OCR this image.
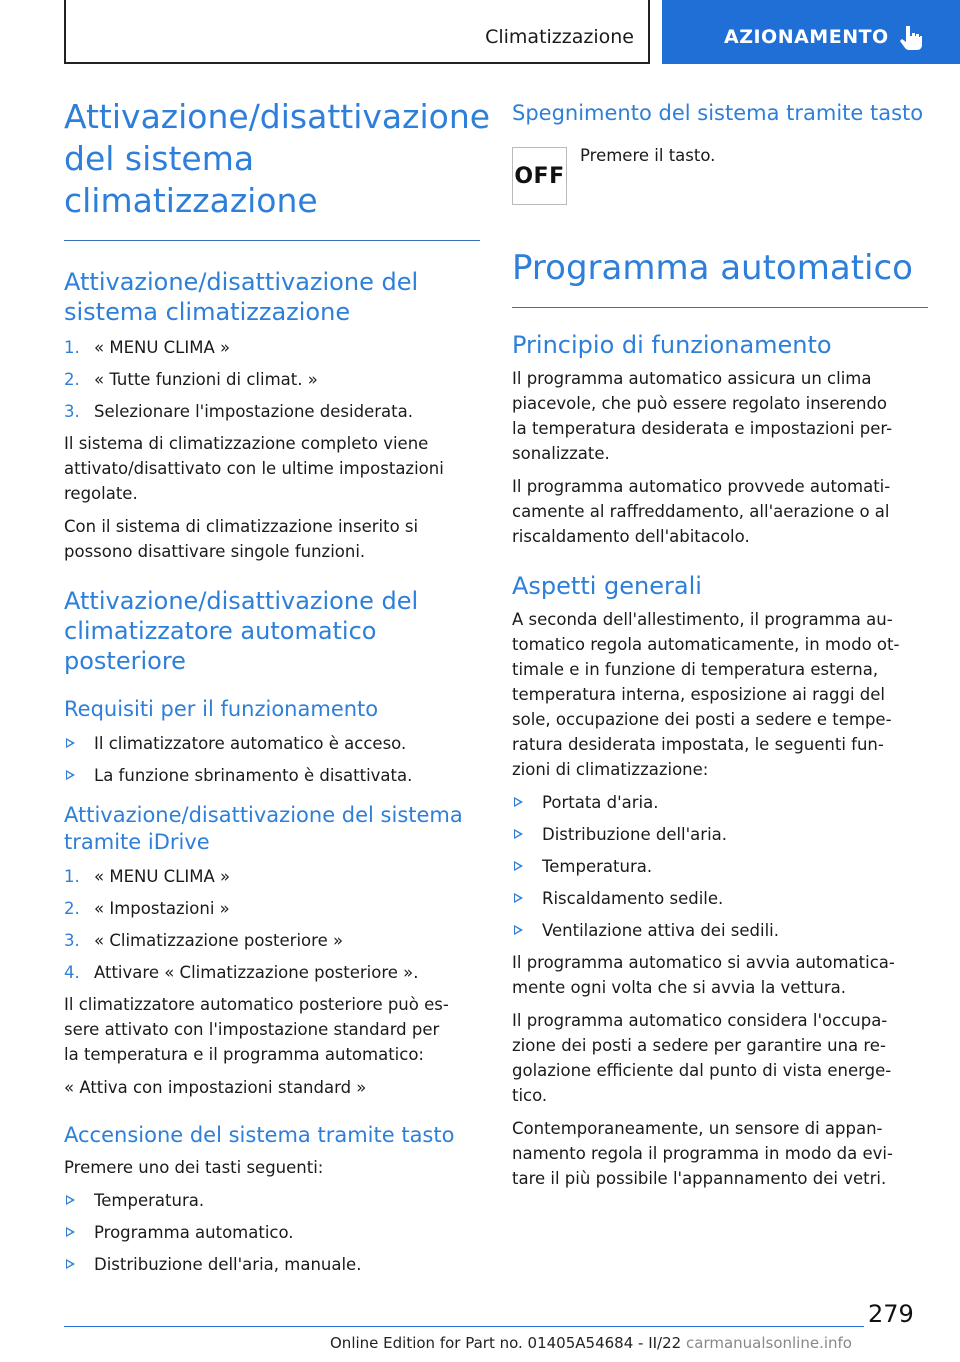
Climatizzazione	AZIONAMENTO
Attivazione/disattivazione
del sistema climatizzazione
Attivazione/disattivazione del
sistema climatizzazione
1. « MENU CLIMA »
2. « Tutte funzioni di climat. »
3. Selezionare l'impostazione desiderata.
Il sistema di climatizzazione completo viene
attivato/disattivato con le ultime impostazioni
regolate.
Con il sistema di climatizzazione inserito si
possono disattivare singole funzioni.
Attivazione/disattivazione del
climatizzatore automatico
posteriore
Requisiti per il funzionamento
Il climatizzatore automatico è acceso.
La funzione sbrinamento è disattivata.
Attivazione/disattivazione del sistema
tramite iDrive
1. « MENU CLIMA »
2. « Impostazioni »
3. « Climatizzazione posteriore »
4. Attivare « Climatizzazione posteriore ».
Il climatizzatore automatico posteriore può es-
sere attivato con l'impostazione standard per
la temperatura e il programma automatico:
« Attiva con impostazioni standard »
Accensione del sistema tramite tasto
Premere uno dei tasti seguenti:
Temperatura.
Programma automatico.
Distribuzione dell'aria, manuale.
Spegnimento del sistema tramite tasto
OFF
Premere il tasto.
Programma automatico
Principio di funzionamento
Il programma automatico assicura un clima
piacevole, che può essere regolato inserendo
la temperatura desiderata e impostazioni per-
sonalizzate.
Il programma automatico provvede automati-
camente al raffreddamento, all'aerazione o al
riscaldamento dell'abitacolo.
Aspetti generali
A seconda dell'allestimento, il programma au-
tomatico regola automaticamente, in modo ot-
timale e in funzione di temperatura esterna,
temperatura interna, esposizione ai raggi del
sole, occupazione dei posti a sedere e tempe-
ratura desiderata impostata, le seguenti fun-
zioni di climatizzazione:
Portata d'aria.
Distribuzione dell'aria.
Temperatura.
Riscaldamento sedile.
Ventilazione attiva dei sedili.
Il programma automatico si avvia automatica-
mente ogni volta che si avvia la vettura.
Il programma automatico considera l'occupa-
zione dei posti a sedere per garantire una re-
golazione efficiente dal punto di vista energe-
tico.
Contemporaneamente, un sensore di appan-
namento regola il programma in modo da evi-
tare il più possibile l'appannamento dei vetri.
279
Online Edition for Part no. 01405A54684 - II/22 carmanualsonline.info
